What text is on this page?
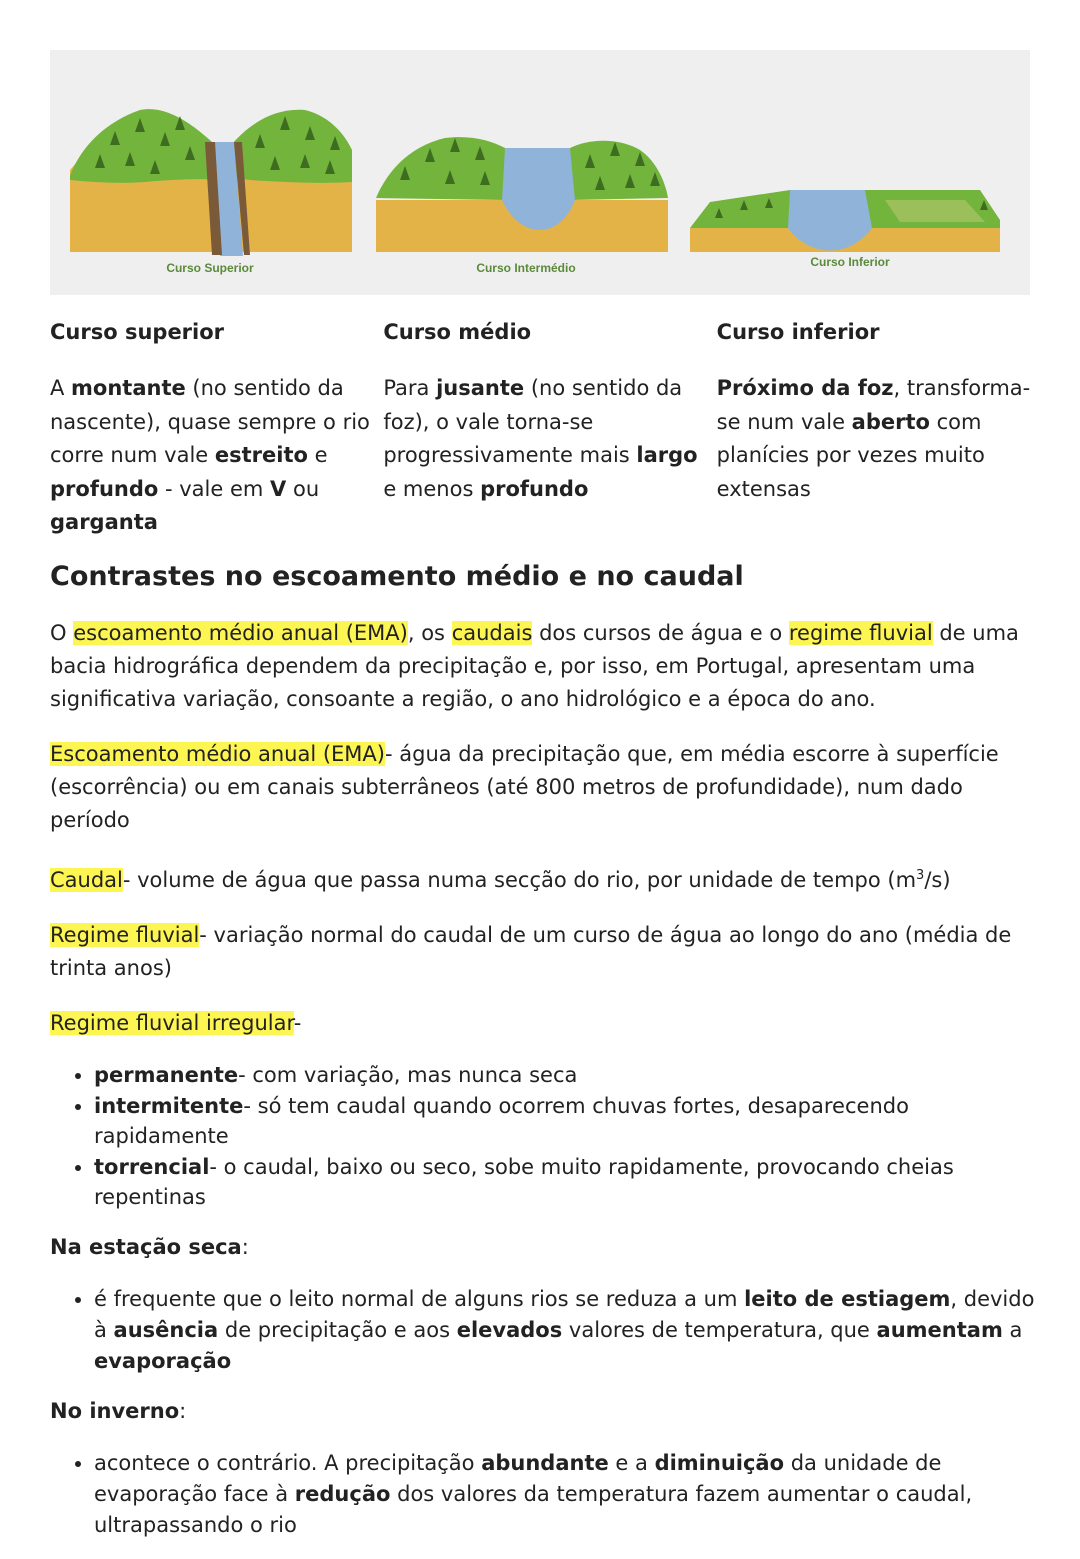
Curso Superior	Curso Intermédio	Curso Inferior
Curso superior

A montante (no sentido da nascente), quase sempre o rio corre num vale estreito e profundo - vale em V ou garganta

Curso médio

Para jusante (no sentido da foz), o vale torna-se progressivamente mais largo e menos profundo

Curso inferior

Próximo da foz, transforma-se num vale aberto com planícies por vezes muito extensas

Contrastes no escoamento médio e no caudal

O escoamento médio anual (EMA), os caudais dos cursos de água e o regime fluvial de uma bacia hidrográfica dependem da precipitação e, por isso, em Portugal, apresentam uma significativa variação, consoante a região, o ano hidrológico e a época do ano.

Escoamento médio anual (EMA)- água da precipitação que, em média escorre à superfície (escorrência) ou em canais subterrâneos (até 800 metros de profundidade), num dado período

Caudal- volume de água que passa numa secção do rio, por unidade de tempo $(m^3/s)$

Regime fluvial- variação normal do caudal de um curso de água ao longo do ano (média de trinta anos)

Regime fluvial irregular-

• permanente- com variação, mas nunca seca
• intermitente- só tem caudal quando ocorrem chuvas fortes, desaparecendo rapidamente
• torrencial- o caudal, baixo ou seco, sobe muito rapidamente, provocando cheias repentinas

Na estação seca:

• é frequente que o leito normal de alguns rios se reduza a um leito de estiagem, devido à ausência de precipitação e aos elevados valores de temperatura, que aumentam a evaporação

No inverno:

• acontece o contrário. A precipitação abundante e a diminuição da unidade de evaporação face à redução dos valores da temperatura fazem aumentar o caudal, ultrapassando o rio
